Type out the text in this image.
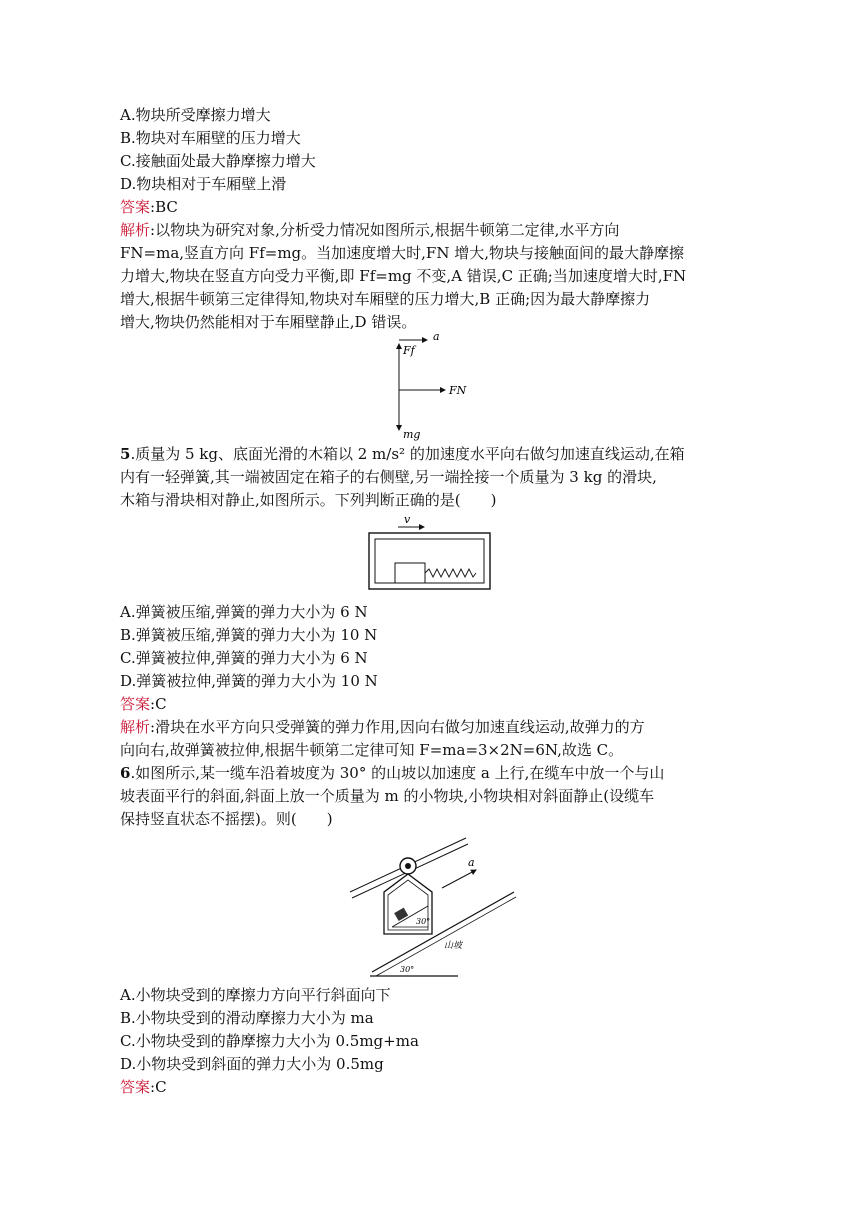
A.物块所受摩擦力增大
B.物块对车厢壁的压力增大
C.接触面处最大静摩擦力增大
D.物块相对于车厢壁上滑
答案:BC
解析:以物块为研究对象,分析受力情况如图所示,根据牛顿第二定律,水平方向
FN=ma,竖直方向 Ff=mg。当加速度增大时,FN 增大,物块与接触面间的最大静摩擦
力增大,物块在竖直方向受力平衡,即 Ff=mg 不变,A 错误,C 正确;当加速度增大时,FN
增大,根据牛顿第三定律得知,物块对车厢壁的压力增大,B 正确;因为最大静摩擦力
增大,物块仍然能相对于车厢壁静止,D 错误。
a
Ff
FN
mg
5.质量为 5 kg、底面光滑的木箱以 2 m/s² 的加速度水平向右做匀加速直线运动,在箱
内有一轻弹簧,其一端被固定在箱子的右侧壁,另一端拴接一个质量为 3 kg 的滑块,
木箱与滑块相对静止,如图所示。下列判断正确的是(　　)
v
A.弹簧被压缩,弹簧的弹力大小为 6 N
B.弹簧被压缩,弹簧的弹力大小为 10 N
C.弹簧被拉伸,弹簧的弹力大小为 6 N
D.弹簧被拉伸,弹簧的弹力大小为 10 N
答案:C
解析:滑块在水平方向只受弹簧的弹力作用,因向右做匀加速直线运动,故弹力的方
向向右,故弹簧被拉伸,根据牛顿第二定律可知 F=ma=3×2N=6N,故选 C。
6.如图所示,某一缆车沿着坡度为 30° 的山坡以加速度 a 上行,在缆车中放一个与山
坡表面平行的斜面,斜面上放一个质量为 m 的小物块,小物块相对斜面静止(设缆车
保持竖直状态不摇摆)。则(　　)
30°
a
30°
山坡
A.小物块受到的摩擦力方向平行斜面向下
B.小物块受到的滑动摩擦力大小为 ma
C.小物块受到的静摩擦力大小为 0.5mg+ma
D.小物块受到斜面的弹力大小为 0.5mg
答案:C
